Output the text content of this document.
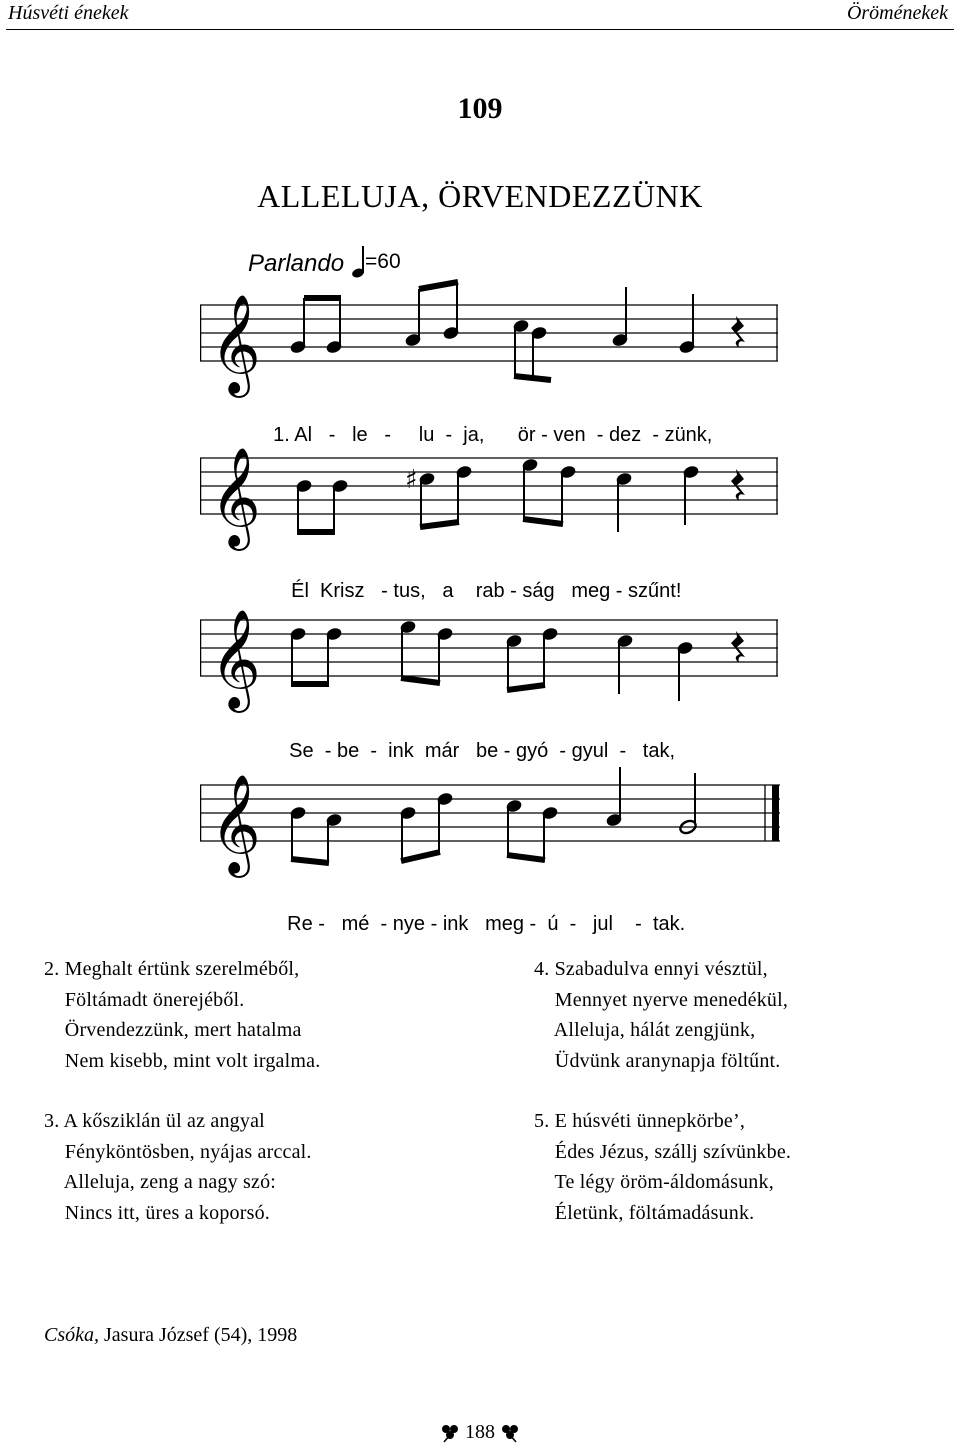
Húsvéti énekek	Öröménekek
109
ALLELUJA, ÖRVENDEZZÜNK
Parlando =60
𝄞

1. Al - le - lu - ja, ör - ven - dez - zünk,

𝄞	♯

Él Krisz - tus, a rab - ság meg - szűnt!

𝄞

Se - be - ink már be - gyó - gyul - tak,

𝄞

Re - mé - nye - ink meg - ú - jul - tak.

2. Meghalt értünk szerelméből,
Föltámadt önerejéből.
Örvendezzünk, mert hatalma
Nem kisebb, mint volt irgalma.
4. Szabadulva ennyi vésztül,
Mennyet nyerve menedékül,
Alleluja, hálát zengjünk,
Üdvünk aranynapja föltűnt.
3. A kősziklán ül az angyal
Fényköntösben, nyájas arccal.
Alleluja, zeng a nagy szó:
Nincs itt, üres a koporsó.
5. E húsvéti ünnepkörbe’,
Édes Jézus, szállj szívünkbe.
Te légy öröm-áldomásunk,
Életünk, föltámadásunk.
Csóka, Jasura József (54), 1998
188
